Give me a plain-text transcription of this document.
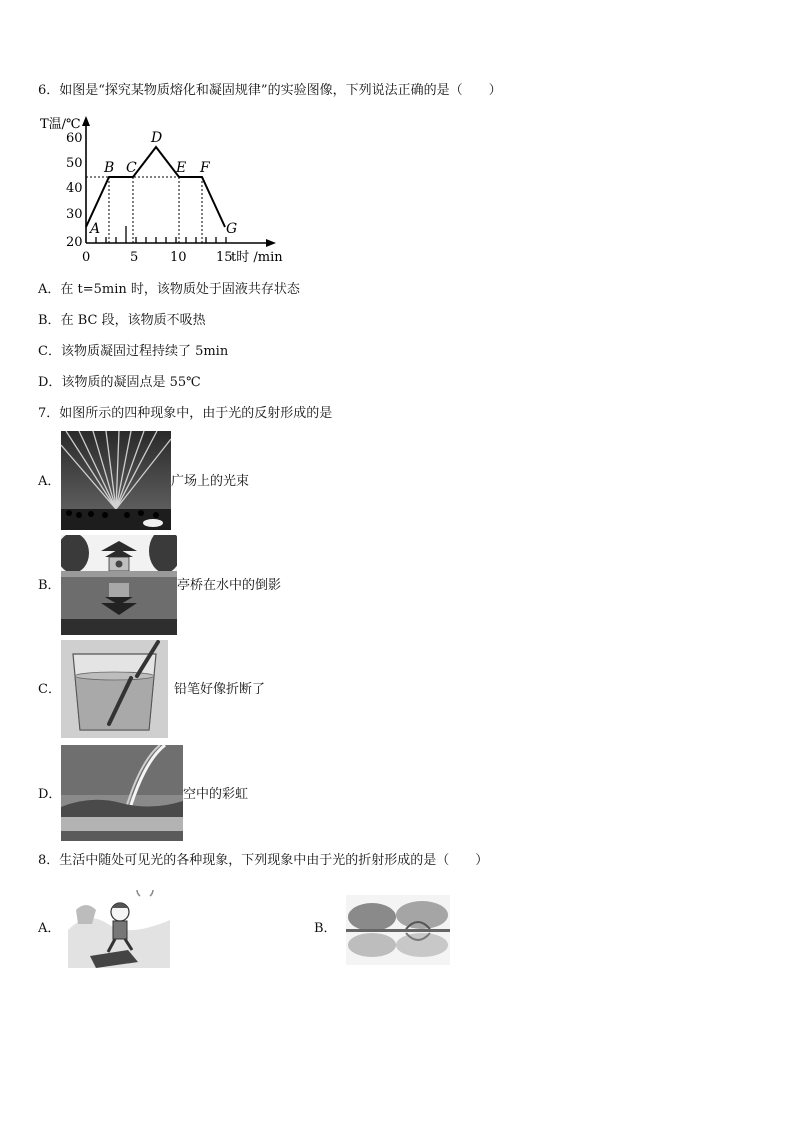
6．如图是“探究某物质熔化和凝固规律”的实验图像，下列说法正确的是（　　）
T温/℃
t时 /min
60
50
40
30
20
0	5 10 15
A
B C
D
E F
G
A．在 t=5min 时，该物质处于固液共存状态
B．在 BC 段，该物质不吸热
C．该物质凝固过程持续了 5min
D．该物质的凝固点是 55℃
7．如图所示的四种现象中，由于光的反射形成的是
A．	广场上的光束
B．	亭桥在水中的倒影
C．	铅笔好像折断了
D．	空中的彩虹
8．生活中随处可见光的各种现象，下列现象中由于光的折射形成的是（　　）
A．	B．
